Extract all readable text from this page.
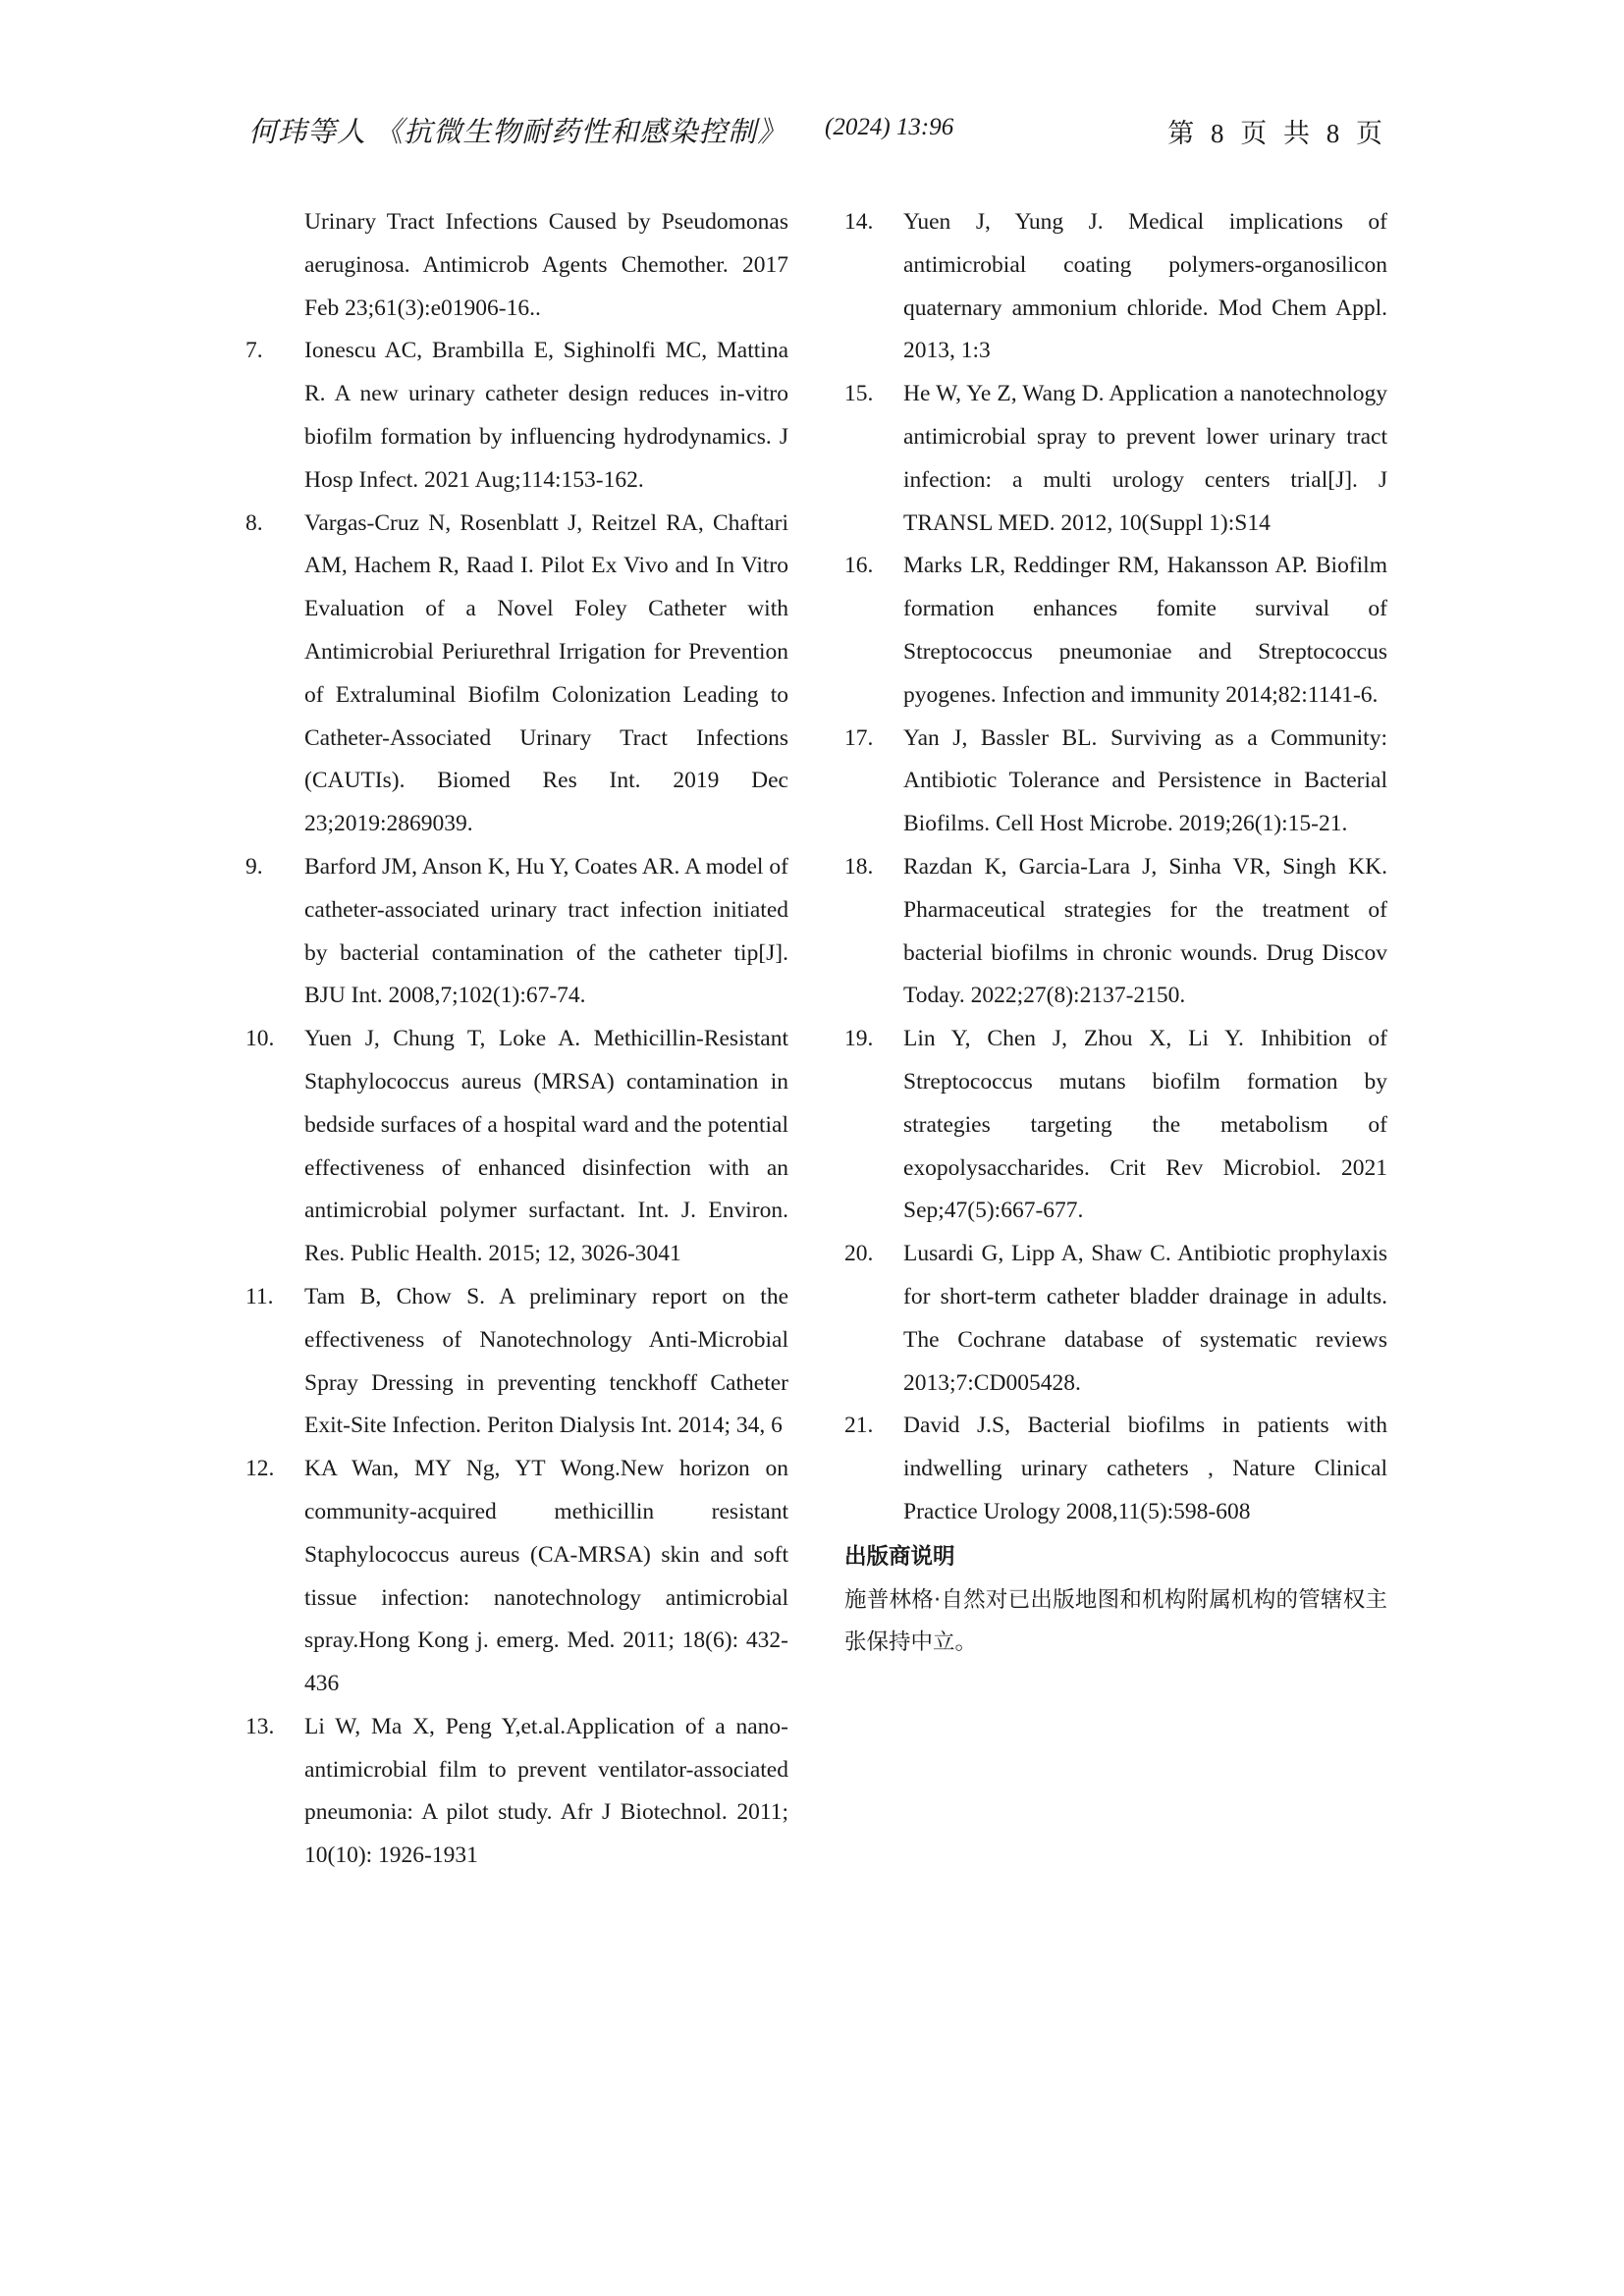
何玮等人 《抗微生物耐药性和感染控制》 (2024) 13:96	第 8 页 共 8 页
Urinary Tract Infections Caused by Pseudomonas aeruginosa. Antimicrob Agents Chemother. 2017 Feb 23;61(3):e01906-16..
7. Ionescu AC, Brambilla E, Sighinolfi MC, Mattina R. A new urinary catheter design reduces in-vitro biofilm formation by influencing hydrodynamics. J Hosp Infect. 2021 Aug;114:153-162.
8. Vargas-Cruz N, Rosenblatt J, Reitzel RA, Chaftari AM, Hachem R, Raad I. Pilot Ex Vivo and In Vitro Evaluation of a Novel Foley Catheter with Antimicrobial Periurethral Irrigation for Prevention of Extraluminal Biofilm Colonization Leading to Catheter-Associated Urinary Tract Infections (CAUTIs). Biomed Res Int. 2019 Dec 23;2019:2869039.
9. Barford JM, Anson K, Hu Y, Coates AR. A model of catheter-associated urinary tract infection initiated by bacterial contamination of the catheter tip[J]. BJU Int. 2008,7;102(1):67-74.
10. Yuen J, Chung T, Loke A. Methicillin-Resistant Staphylococcus aureus (MRSA) contamination in bedside surfaces of a hospital ward and the potential effectiveness of enhanced disinfection with an antimicrobial polymer surfactant. Int. J. Environ. Res. Public Health. 2015; 12, 3026-3041
11. Tam B, Chow S. A preliminary report on the effectiveness of Nanotechnology Anti-Microbial Spray Dressing in preventing tenckhoff Catheter Exit-Site Infection. Periton Dialysis Int. 2014; 34, 6
12. KA Wan, MY Ng, YT Wong.New horizon on community-acquired methicillin resistant Staphylococcus aureus (CA-MRSA) skin and soft tissue infection: nanotechnology antimicrobial spray.Hong Kong j. emerg. Med. 2011; 18(6): 432-436
13. Li W, Ma X, Peng Y,et.al.Application of a nano-antimicrobial film to prevent ventilator-associated pneumonia: A pilot study. Afr J Biotechnol. 2011; 10(10): 1926-1931
14. Yuen J, Yung J. Medical implications of antimicrobial coating polymers-organosilicon quaternary ammonium chloride. Mod Chem Appl. 2013, 1:3
15. He W, Ye Z, Wang D. Application a nanotechnology antimicrobial spray to prevent lower urinary tract infection: a multi urology centers trial[J]. J TRANSL MED. 2012, 10(Suppl 1):S14
16. Marks LR, Reddinger RM, Hakansson AP. Biofilm formation enhances fomite survival of Streptococcus pneumoniae and Streptococcus pyogenes. Infection and immunity 2014;82:1141-6.
17. Yan J, Bassler BL. Surviving as a Community: Antibiotic Tolerance and Persistence in Bacterial Biofilms. Cell Host Microbe. 2019;26(1):15-21.
18. Razdan K, Garcia-Lara J, Sinha VR, Singh KK. Pharmaceutical strategies for the treatment of bacterial biofilms in chronic wounds. Drug Discov Today. 2022;27(8):2137-2150.
19. Lin Y, Chen J, Zhou X, Li Y. Inhibition of Streptococcus mutans biofilm formation by strategies targeting the metabolism of exopolysaccharides. Crit Rev Microbiol. 2021 Sep;47(5):667-677.
20. Lusardi G, Lipp A, Shaw C. Antibiotic prophylaxis for short-term catheter bladder drainage in adults. The Cochrane database of systematic reviews 2013;7:CD005428.
21. David J.S, Bacterial biofilms in patients with indwelling urinary catheters , Nature Clinical Practice Urology 2008,11(5):598-608
出版商说明
施普林格·自然对已出版地图和机构附属机构的管辖权主张保持中立。
